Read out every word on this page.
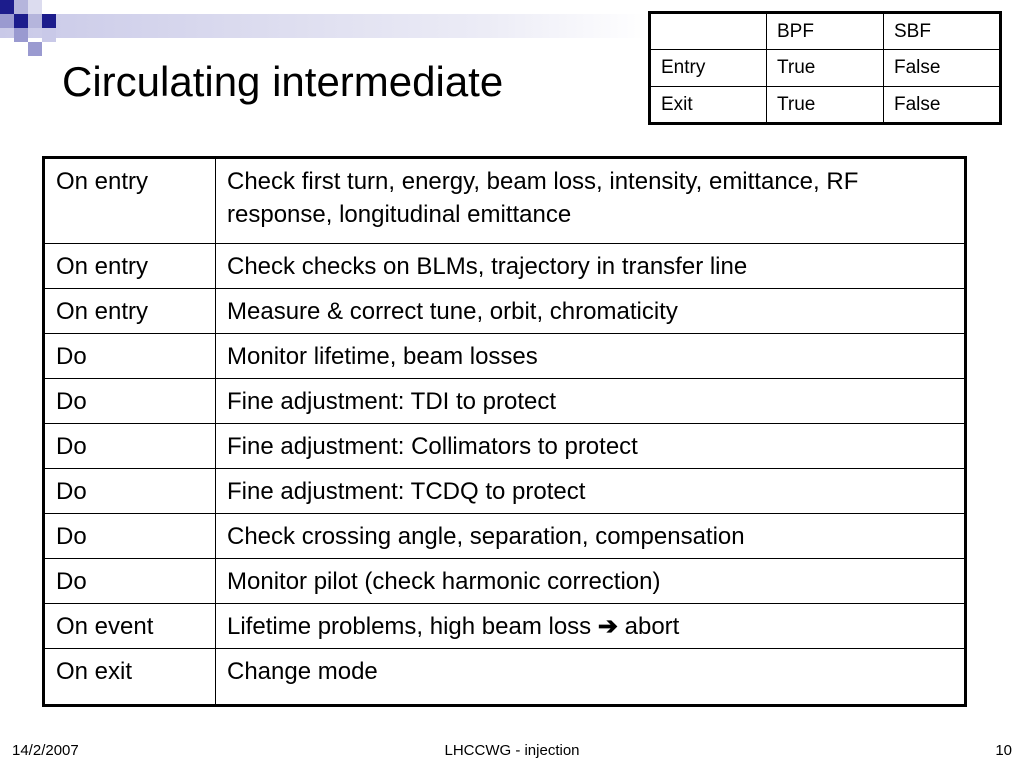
Circulating intermediate
	BPF	SBF
Entry	True	False
Exit	True	False
On entry	Check first turn, energy, beam loss, intensity, emittance, RF response, longitudinal emittance
On entry	Check checks on BLMs, trajectory in transfer line
On entry	Measure & correct tune, orbit, chromaticity
Do	Monitor lifetime, beam losses
Do	Fine adjustment: TDI to protect
Do	Fine adjustment: Collimators to protect
Do	Fine adjustment: TCDQ to protect
Do	Check crossing angle, separation, compensation
Do	Monitor pilot (check harmonic correction)
On event	Lifetime problems, high beam loss ➔ abort
On exit	Change mode
14/2/2007	LHCCWG - injection	10
